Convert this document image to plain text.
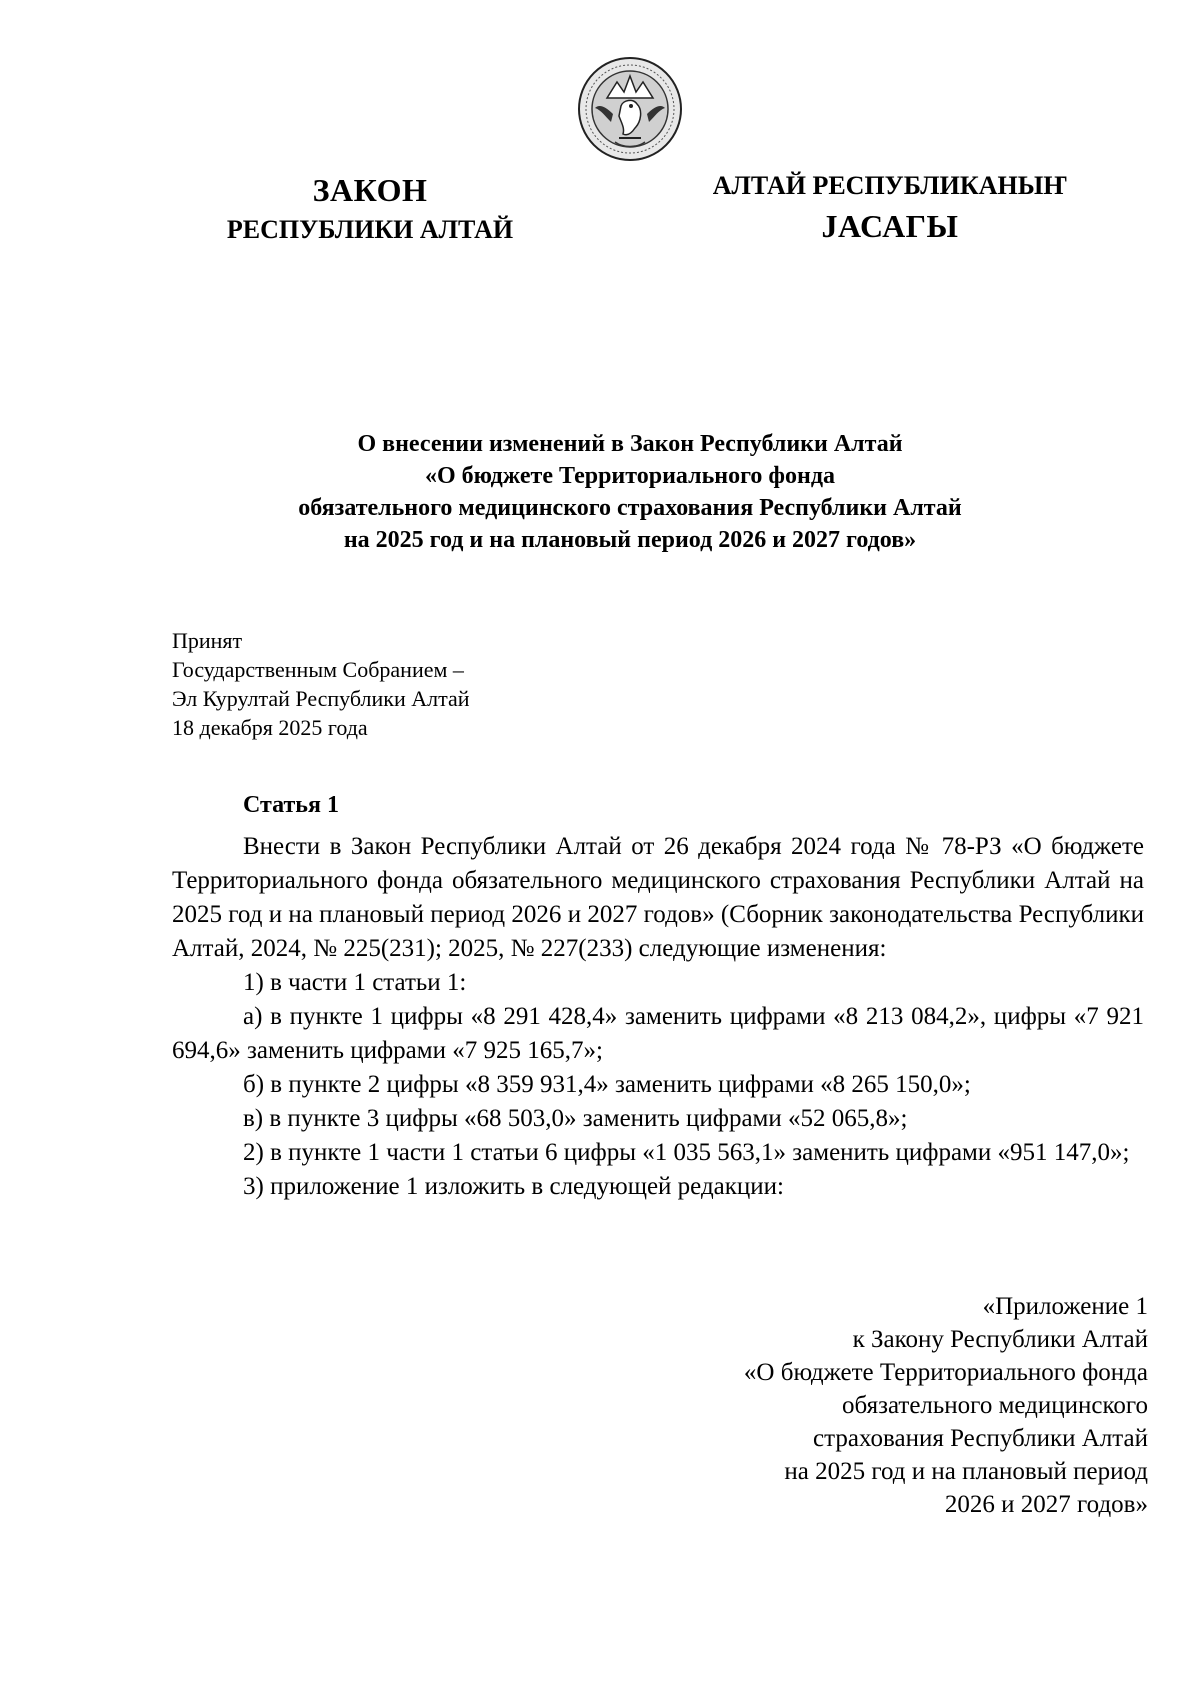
ЗАКОН
РЕСПУБЛИКИ АЛТАЙ
АЛТАЙ РЕСПУБЛИКАНЫҤ
ЈАСАГЫ
О внесении изменений в Закон Республики Алтай
«О бюджете Территориального фонда
обязательного медицинского страхования Республики Алтай
на 2025 год и на плановый период 2026 и 2027 годов»
Принят
Государственным Собранием –
Эл Курултай Республики Алтай
18 декабря 2025 года
Статья 1

Внести в Закон Республики Алтай от 26 декабря 2024 года № 78-РЗ «О бюджете Территориального фонда обязательного медицинского страхования Республики Алтай на 2025 год и на плановый период 2026 и 2027 годов» (Сборник законодательства Республики Алтай, 2024, № 225(231); 2025, № 227(233) следующие изменения:

1) в части 1 статьи 1:

а) в пункте 1 цифры «8 291 428,4» заменить цифрами «8 213 084,2», цифры «7 921 694,6» заменить цифрами «7 925 165,7»;

б) в пункте 2 цифры «8 359 931,4» заменить цифрами «8 265 150,0»;

в) в пункте 3 цифры «68 503,0» заменить цифрами «52 065,8»;

2) в пункте 1 части 1 статьи 6 цифры «1 035 563,1» заменить цифрами «951 147,0»;

3) приложение 1 изложить в следующей редакции:

«Приложение 1
к Закону Республики Алтай
«О бюджете Территориального фонда
обязательного медицинского
страхования Республики Алтай
на 2025 год и на плановый период
2026 и 2027 годов»
